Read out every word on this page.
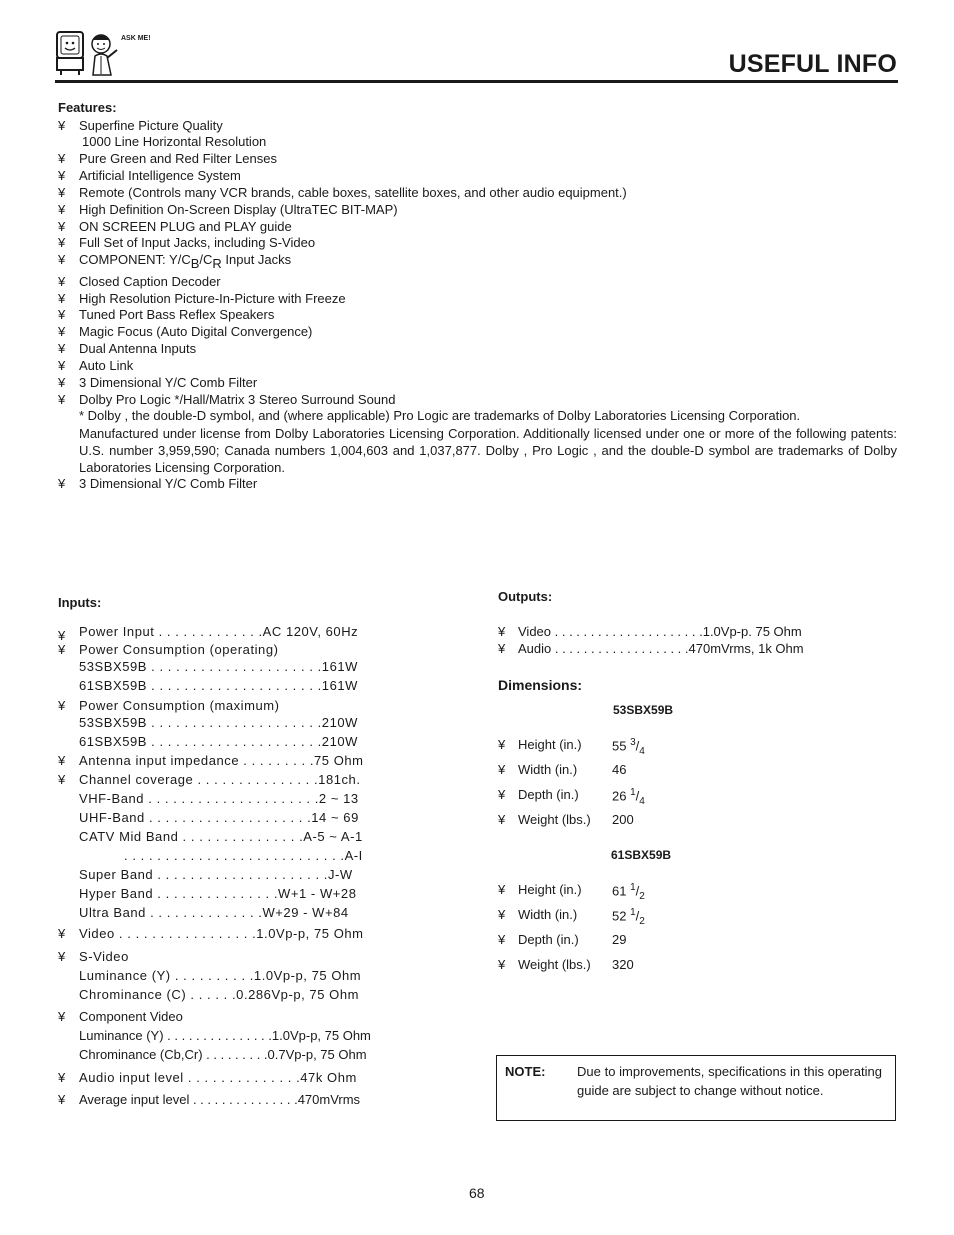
ASK ME!
USEFUL INFO
Features:
¥ Superfine Picture Quality
1000 Line Horizontal Resolution
¥ Pure Green and Red Filter Lenses
¥ Artificial Intelligence System
¥ Remote (Controls many VCR brands, cable boxes, satellite boxes, and other audio equipment.)
¥ High Definition On-Screen Display (UltraTEC BIT-MAP)
¥ ON SCREEN PLUG and PLAY guide
¥ Full Set of Input Jacks, including S-Video
¥ COMPONENT: $Y/C_B/C_R$ Input Jacks
¥ Closed Caption Decoder
¥ High Resolution Picture-In-Picture with Freeze
¥ Tuned Port Bass Reflex Speakers
¥ Magic Focus (Auto Digital Convergence)
¥ Dual Antenna Inputs
¥ Auto Link
¥ 3 Dimensional Y/C Comb Filter
¥ Dolby Pro Logic */Hall/Matrix 3 Stereo Surround Sound
* Dolby , the double-D symbol, and (where applicable) Pro Logic are trademarks of Dolby Laboratories Licensing Corporation.
Manufactured under license from Dolby Laboratories Licensing Corporation. Additionally licensed under one or more of the following patents: U.S. number 3,959,590; Canada numbers 1,004,603 and 1,037,877. Dolby , Pro Logic , and the double-D symbol are trademarks of Dolby Laboratories Licensing Corporation.
¥ 3 Dimensional Y/C Comb Filter
Inputs:
¥ Power Input . . . . . . . . . . . . .AC 120V, 60Hz
¥ Power Consumption (operating)
53SBX59B . . . . . . . . . . . . . . . . . . . . .161W
61SBX59B . . . . . . . . . . . . . . . . . . . . .161W
¥ Power Consumption (maximum)
53SBX59B . . . . . . . . . . . . . . . . . . . . .210W
61SBX59B . . . . . . . . . . . . . . . . . . . . .210W
¥ Antenna input impedance . . . . . . . . .75 Ohm
¥ Channel coverage . . . . . . . . . . . . . . .181ch.
VHF-Band . . . . . . . . . . . . . . . . . . . . .2 ~ 13
UHF-Band . . . . . . . . . . . . . . . . . . . .14 ~ 69
CATV Mid Band . . . . . . . . . . . . . . .A-5 ~ A-1
. . . . . . . . . . . . . . . . . . . . . . . . . . .A-I
Super Band . . . . . . . . . . . . . . . . . . . . .J-W
Hyper Band . . . . . . . . . . . . . . .W+1 - W+28
Ultra Band . . . . . . . . . . . . . .W+29 - W+84
¥ Video . . . . . . . . . . . . . . . . .1.0Vp-p, 75 Ohm
¥ S-Video
Luminance (Y) . . . . . . . . . .1.0Vp-p, 75 Ohm
Chrominance (C) . . . . . .0.286Vp-p, 75 Ohm
¥ Component Video
Luminance (Y) . . . . . . . . . . . . . . .1.0Vp-p, 75 Ohm
Chrominance (Cb,Cr) . . . . . . . . .0.7Vp-p, 75 Ohm
¥ Audio input level . . . . . . . . . . . . . .47k Ohm
¥ Average input level . . . . . . . . . . . . . . .470mVrms
Outputs:
¥ Video . . . . . . . . . . . . . . . . . . . . .1.0Vp-p. 75 Ohm
¥ Audio . . . . . . . . . . . . . . . . . . .470mVrms, 1k Ohm
Dimensions:
53SBX59B
¥ Height (in.) 55 $^3/_4$
¥ Width (in.)	46
¥ Depth (in.)	26 $^1/_4$
¥ Weight (lbs.) 200
61SBX59B
¥ Height (in.) 61 $^1/_2$
¥ Width (in.)	52 $^1/_2$
¥ Depth (in.)	29
¥ Weight (lbs.) 320
NOTE: Due to improvements, specifications in this operating guide are subject to change without notice.
68
